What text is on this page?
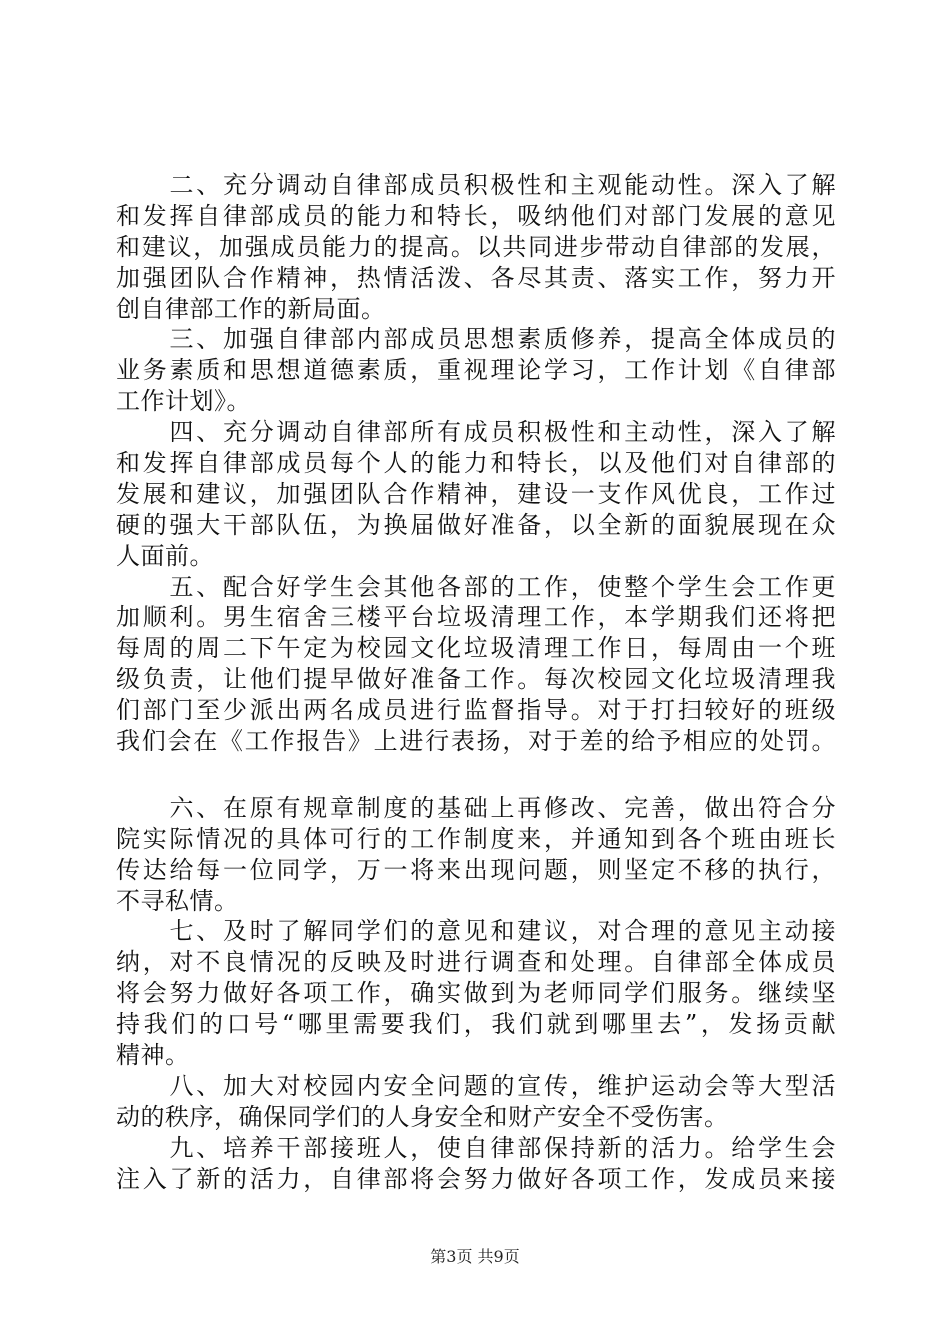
　　二、充分调动自律部成员积极性和主观能动性。深入了解
和发挥自律部成员的能力和特长，吸纳他们对部门发展的意见
和建议，加强成员能力的提高。以共同进步带动自律部的发展，
加强团队合作精神，热情活泼、各尽其责、落实工作，努力开
创自律部工作的新局面。
　　三、加强自律部内部成员思想素质修养，提高全体成员的
业务素质和思想道德素质，重视理论学习，工作计划《自律部
工作计划》。
　　四、充分调动自律部所有成员积极性和主动性，深入了解
和发挥自律部成员每个人的能力和特长，以及他们对自律部的
发展和建议，加强团队合作精神，建设一支作风优良，工作过
硬的强大干部队伍，为换届做好准备，以全新的面貌展现在众
人面前。
　　五、配合好学生会其他各部的工作，使整个学生会工作更
加顺利。男生宿舍三楼平台垃圾清理工作，本学期我们还将把
每周的周二下午定为校园文化垃圾清理工作日，每周由一个班
级负责，让他们提早做好准备工作。每次校园文化垃圾清理我
们部门至少派出两名成员进行监督指导。对于打扫较好的班级
我们会在《工作报告》上进行表扬，对于差的给予相应的处罚。
　　六、在原有规章制度的基础上再修改、完善，做出符合分
院实际情况的具体可行的工作制度来，并通知到各个班由班长
传达给每一位同学，万一将来出现问题，则坚定不移的执行，
不寻私情。
　　七、及时了解同学们的意见和建议，对合理的意见主动接
纳，对不良情况的反映及时进行调查和处理。自律部全体成员
将会努力做好各项工作，确实做到为老师同学们服务。继续坚
持我们的口号“哪里需要我们，我们就到哪里去”，发扬贡献
精神。
　　八、加大对校园内安全问题的宣传，维护运动会等大型活
动的秩序，确保同学们的人身安全和财产安全不受伤害。
　　九、培养干部接班人，使自律部保持新的活力。给学生会
注入了新的活力，自律部将会努力做好各项工作，发成员来接
第3页 共9页
